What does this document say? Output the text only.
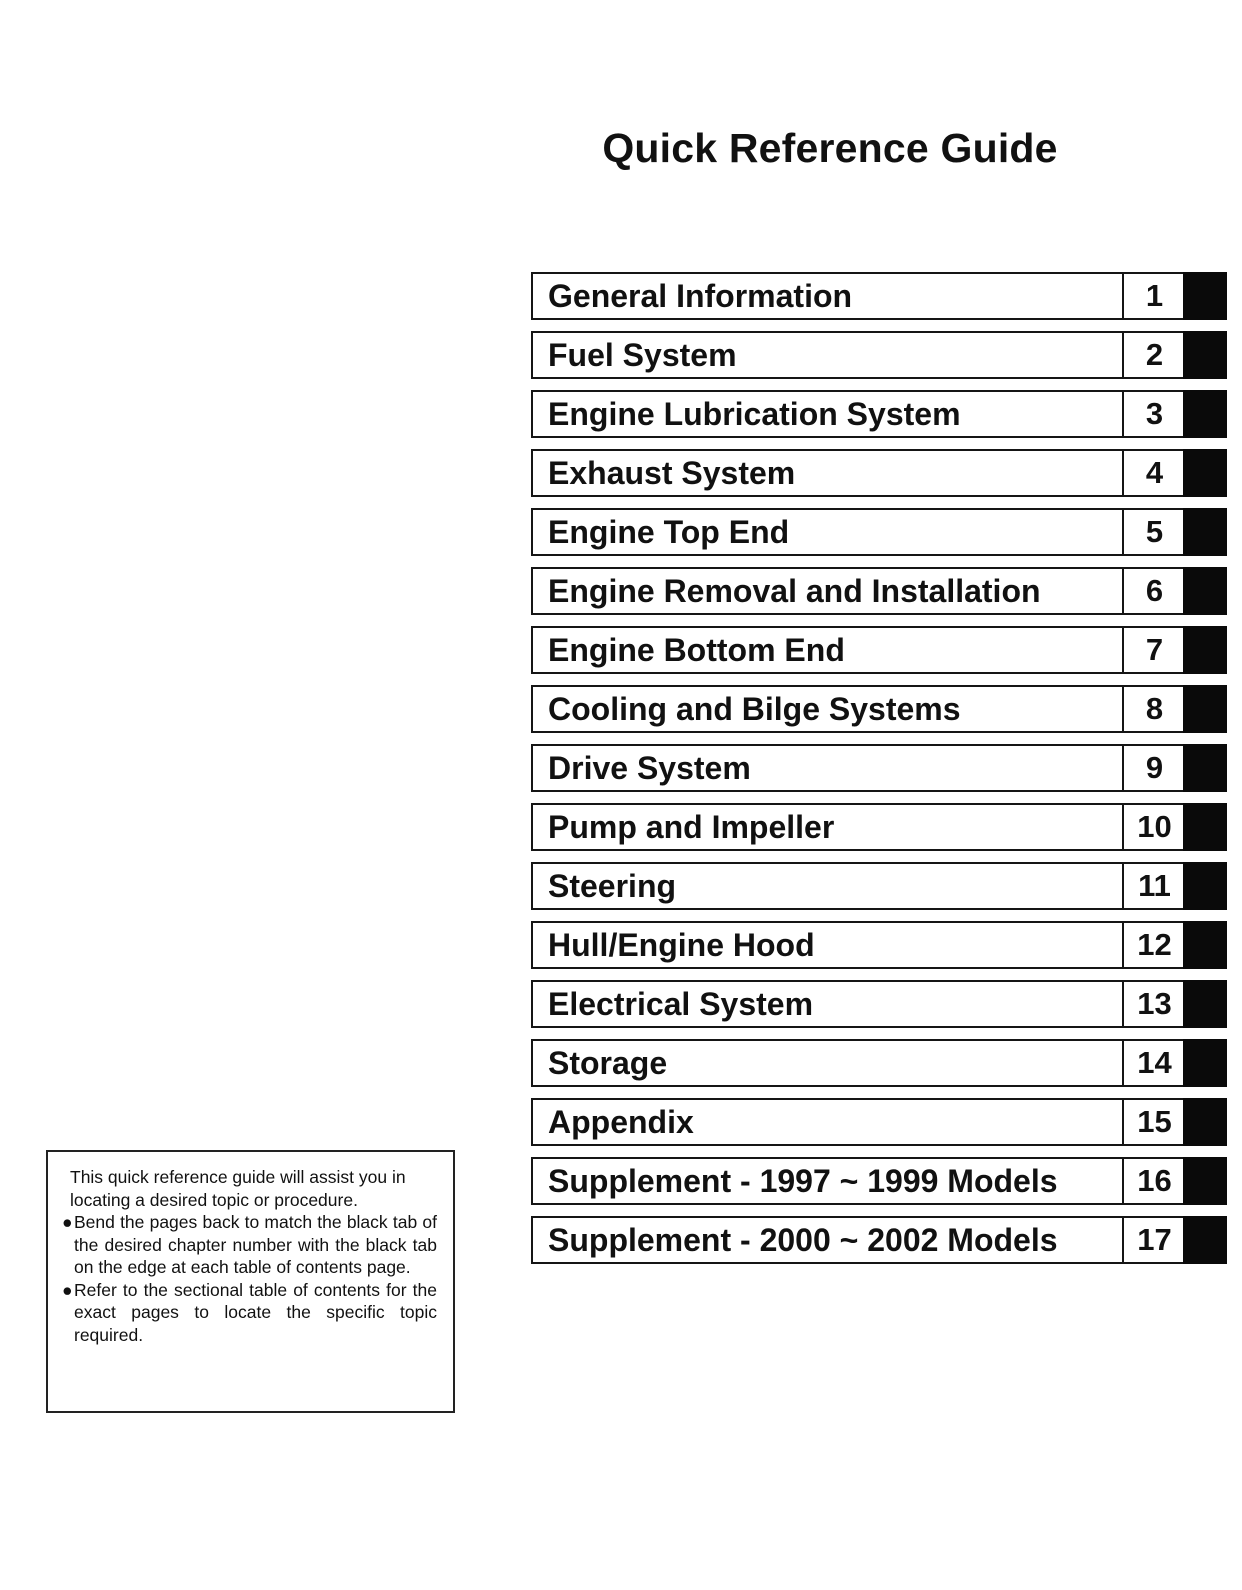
Quick Reference Guide
General Information	1
Fuel System	2
Engine Lubrication System	3
Exhaust System	4
Engine Top End	5
Engine Removal and Installation	6
Engine Bottom End	7
Cooling and Bilge Systems	8
Drive System	9
Pump and Impeller	10
Steering	11
Hull/Engine Hood	12
Electrical System	13
Storage	14
Appendix	15
Supplement - 1997 ~ 1999 Models	16
Supplement - 2000 ~ 2002 Models	17

This quick reference guide will assist you in locating a desired topic or procedure.

● Bend the pages back to match the black tab of the desired chapter number with the black tab on the edge at each table of contents page.

● Refer to the sectional table of contents for the exact pages to locate the specific topic required.
